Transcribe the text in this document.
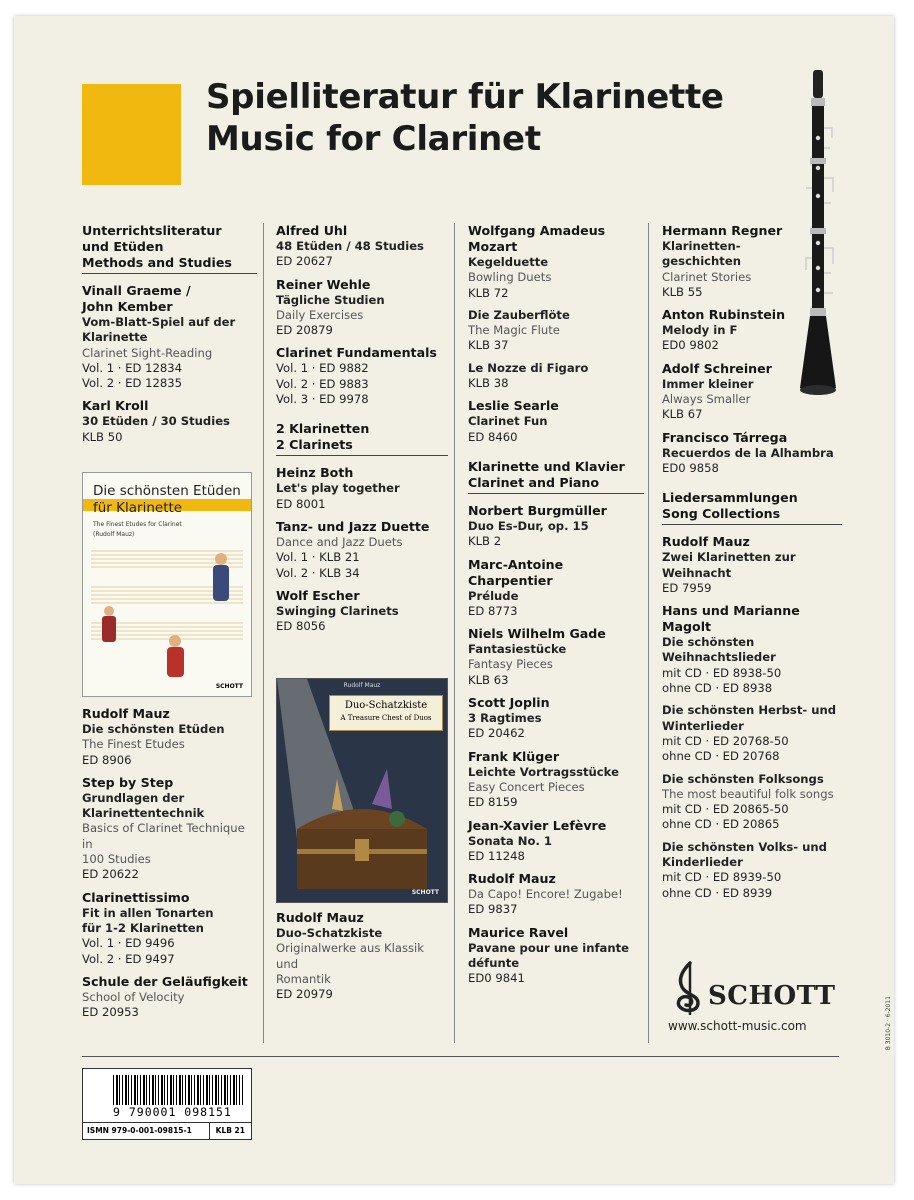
Spielliteratur für Klarinette
Music for Clarinet
Unterrichtsliteratur
und Etüden
Methods and Studies
Vinall Graeme /
John Kember
Vom-Blatt-Spiel auf der
Klarinette
Clarinet Sight-Reading
Vol. 1 · ED 12834
Vol. 2 · ED 12835
Karl Kroll
30 Etüden / 30 Studies
KLB 50
Die schönsten Etüden
für Klarinette
The Finest Etudes for Clarinet
(Rudolf Mauz)
SCHOTT
Rudolf Mauz
Die schönsten Etüden
The Finest Etudes
ED 8906
Step by Step
Grundlagen der
Klarinettentechnik
Basics of Clarinet Technique in
100 Studies
ED 20622
Clarinettissimo
Fit in allen Tonarten
für 1-2 Klarinetten
Vol. 1 · ED 9496
Vol. 2 · ED 9497
Schule der Geläufigkeit
School of Velocity
ED 20953
Alfred Uhl
48 Etüden / 48 Studies
ED 20627
Reiner Wehle
Tägliche Studien
Daily Exercises
ED 20879
Clarinet Fundamentals
Vol. 1 · ED 9882
Vol. 2 · ED 9883
Vol. 3 · ED 9978
2 Klarinetten
2 Clarinets
Heinz Both
Let's play together
ED 8001
Tanz- und Jazz Duette
Dance and Jazz Duets
Vol. 1 · KLB 21
Vol. 2 · KLB 34
Wolf Escher
Swinging Clarinets
ED 8056
Rudolf Mauz
Duo-Schatzkiste
A Treasure Chest of Duos
SCHOTT
Rudolf Mauz
Duo-Schatzkiste
Originalwerke aus Klassik und
Romantik
ED 20979
Wolfgang Amadeus
Mozart
Kegelduette
Bowling Duets
KLB 72
Die Zauberflöte
The Magic Flute
KLB 37
Le Nozze di Figaro
KLB 38
Leslie Searle
Clarinet Fun
ED 8460
Klarinette und Klavier
Clarinet and Piano
Norbert Burgmüller
Duo Es-Dur, op. 15
KLB 2
Marc-Antoine
Charpentier
Prélude
ED 8773
Niels Wilhelm Gade
Fantasiestücke
Fantasy Pieces
KLB 63
Scott Joplin
3 Ragtimes
ED 20462
Frank Klüger
Leichte Vortragsstücke
Easy Concert Pieces
ED 8159
Jean-Xavier Lefèvre
Sonata No. 1
ED 11248
Rudolf Mauz
Da Capo! Encore! Zugabe!
ED 9837
Maurice Ravel
Pavane pour une infante
défunte
ED0 9841
Hermann Regner
Klarinetten-
geschichten
Clarinet Stories
KLB 55
Anton Rubinstein
Melody in F
ED0 9802
Adolf Schreiner
Immer kleiner
Always Smaller
KLB 67
Francisco Tárrega
Recuerdos de la Alhambra
ED0 9858
Liedersammlungen
Song Collections
Rudolf Mauz
Zwei Klarinetten zur
Weihnacht
ED 7959
Hans und Marianne
Magolt
Die schönsten
Weihnachtslieder
mit CD · ED 8938-50
ohne CD · ED 8938
Die schönsten Herbst- und
Winterlieder
mit CD · ED 20768-50
ohne CD · ED 20768
Die schönsten Folksongs
The most beautiful folk songs
mit CD · ED 20865-50
ohne CD · ED 20865
Die schönsten Volks- und
Kinderlieder
mit CD · ED 8939-50
ohne CD · ED 8939
SCHOTT
www.schott-music.com
9 790001 098151
ISMN 979-0-001-09815-1	KLB 21
B 3010-2 · 6-2011
